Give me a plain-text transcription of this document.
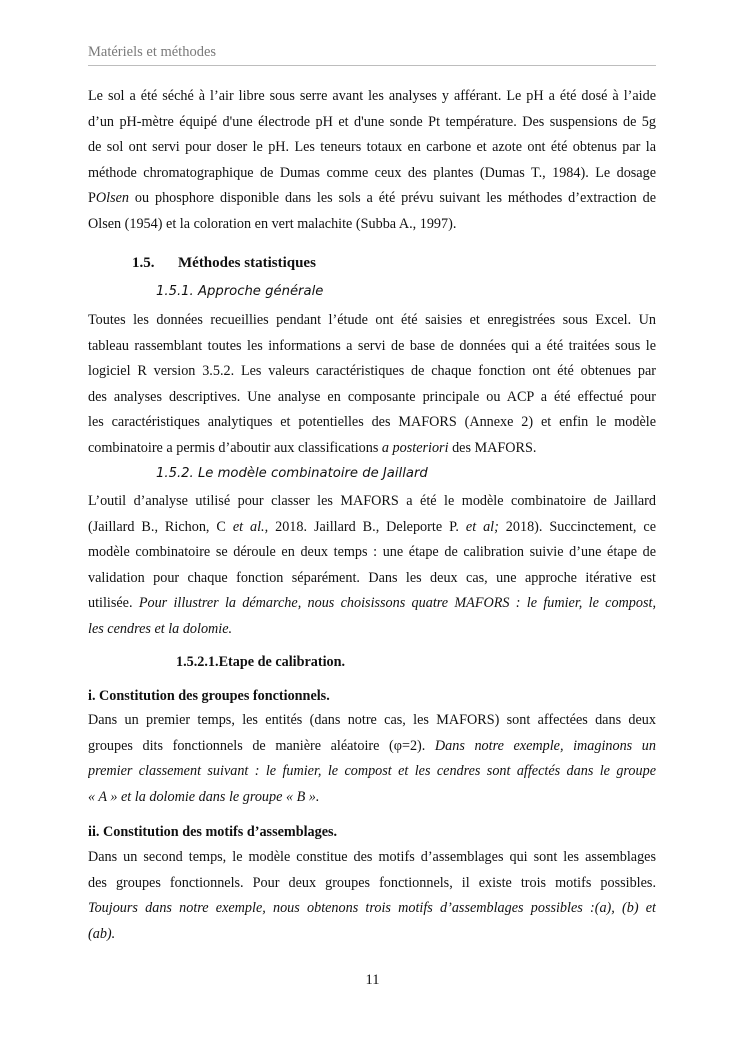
Matériels et méthodes
Le sol a été séché à l’air libre sous serre avant les analyses y afférant. Le pH a été dosé à l’aide
d’un pH-mètre équipé d'une électrode pH et d'une sonde Pt température. Des suspensions de 5g
de sol ont servi pour doser le pH. Les teneurs totaux en carbone et azote ont été obtenus par la
méthode chromatographique de Dumas comme ceux des plantes (Dumas T., 1984). Le dosage
POlsen ou phosphore disponible dans les sols a été prévu suivant les méthodes d’extraction de
Olsen (1954) et la coloration en vert malachite (Subba A., 1997).
1.5. Méthodes statistiques
1.5.1. Approche générale
Toutes les données recueillies pendant l’étude ont été saisies et enregistrées sous Excel. Un
tableau rassemblant toutes les informations a servi de base de données qui a été traitées sous le
logiciel R version 3.5.2. Les valeurs caractéristiques de chaque fonction ont été obtenues par
des analyses descriptives. Une analyse en composante principale ou ACP a été effectué pour
les caractéristiques analytiques et potentielles des MAFORS (Annexe 2) et enfin le modèle
combinatoire a permis d’aboutir aux classifications a posteriori des MAFORS.
1.5.2. Le modèle combinatoire de Jaillard
L’outil d’analyse utilisé pour classer les MAFORS a été le modèle combinatoire de Jaillard
(Jaillard B., Richon, C et al., 2018. Jaillard B., Deleporte P. et al; 2018). Succinctement, ce
modèle combinatoire se déroule en deux temps : une étape de calibration suivie d’une étape de
validation pour chaque fonction séparément. Dans les deux cas, une approche itérative est
utilisée. Pour illustrer la démarche, nous choisissons quatre MAFORS : le fumier, le compost,
les cendres et la dolomie.
1.5.2.1.Etape de calibration.
i. Constitution des groupes fonctionnels.
Dans un premier temps, les entités (dans notre cas, les MAFORS) sont affectées dans deux
groupes dits fonctionnels de manière aléatoire (φ=2). Dans notre exemple, imaginons un
premier classement suivant : le fumier, le compost et les cendres sont affectés dans le groupe
« A » et la dolomie dans le groupe « B ».
ii. Constitution des motifs d’assemblages.
Dans un second temps, le modèle constitue des motifs d’assemblages qui sont les assemblages
des groupes fonctionnels. Pour deux groupes fonctionnels, il existe trois motifs possibles.
Toujours dans notre exemple, nous obtenons trois motifs d’assemblages possibles :(a), (b) et
(ab).
11
